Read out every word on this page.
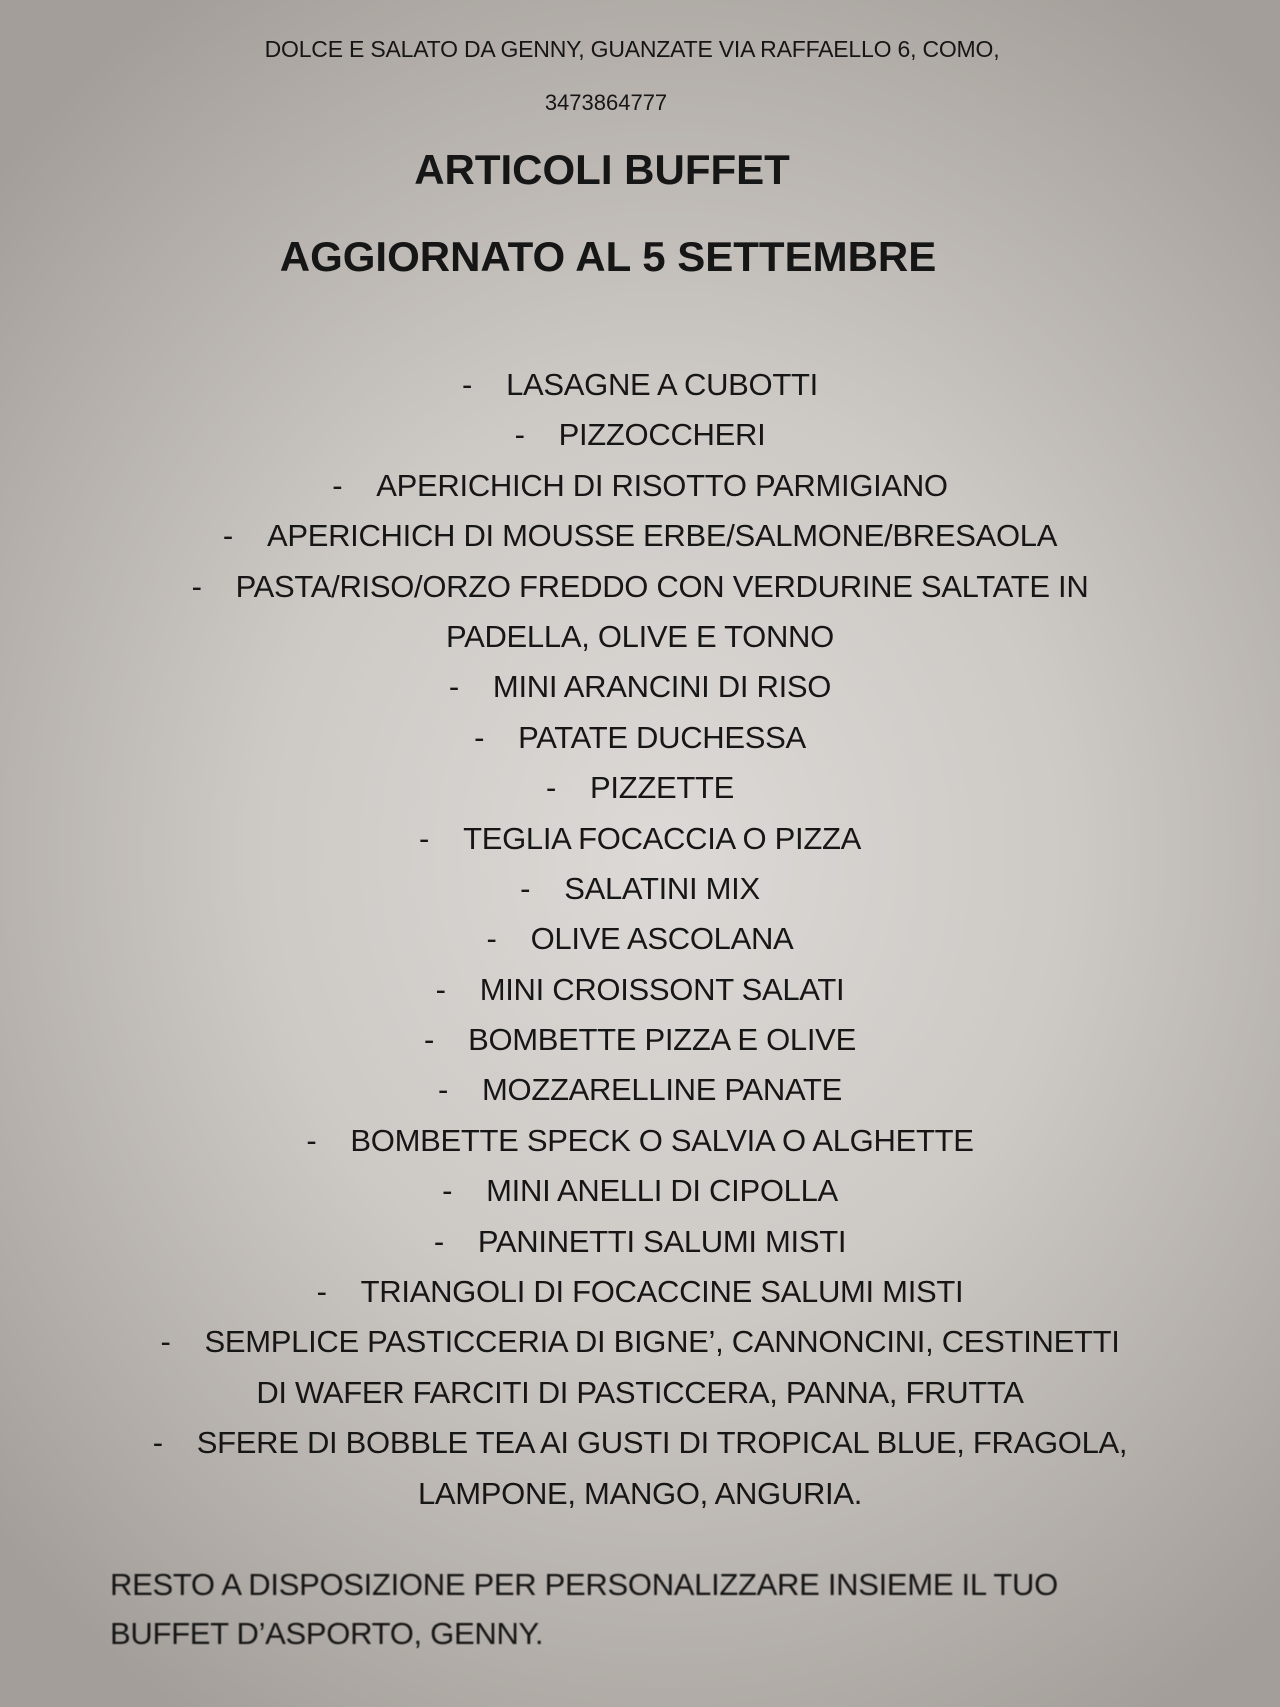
DOLCE E SALATO DA GENNY, GUANZATE VIA RAFFAELLO 6, COMO,
3473864777
ARTICOLI BUFFET
AGGIORNATO AL 5 SETTEMBRE
- LASAGNE A CUBOTTI
- PIZZOCCHERI
- APERICHICH DI RISOTTO PARMIGIANO
- APERICHICH DI MOUSSE ERBE/SALMONE/BRESAOLA
- PASTA/RISO/ORZO FREDDO CON VERDURINE SALTATE IN
PADELLA, OLIVE E TONNO
- MINI ARANCINI DI RISO
- PATATE DUCHESSA
- PIZZETTE
- TEGLIA FOCACCIA O PIZZA
- SALATINI MIX
- OLIVE ASCOLANA
- MINI CROISSONT SALATI
- BOMBETTE PIZZA E OLIVE
- MOZZARELLINE PANATE
- BOMBETTE SPECK O SALVIA O ALGHETTE
- MINI ANELLI DI CIPOLLA
- PANINETTI SALUMI MISTI
- TRIANGOLI DI FOCACCINE SALUMI MISTI
- SEMPLICE PASTICCERIA DI BIGNE’, CANNONCINI, CESTINETTI
DI WAFER FARCITI DI PASTICCERA, PANNA, FRUTTA
- SFERE DI BOBBLE TEA AI GUSTI DI TROPICAL BLUE, FRAGOLA,
LAMPONE, MANGO, ANGURIA.
RESTO A DISPOSIZIONE PER PERSONALIZZARE INSIEME IL TUO
BUFFET D’ASPORTO, GENNY.
